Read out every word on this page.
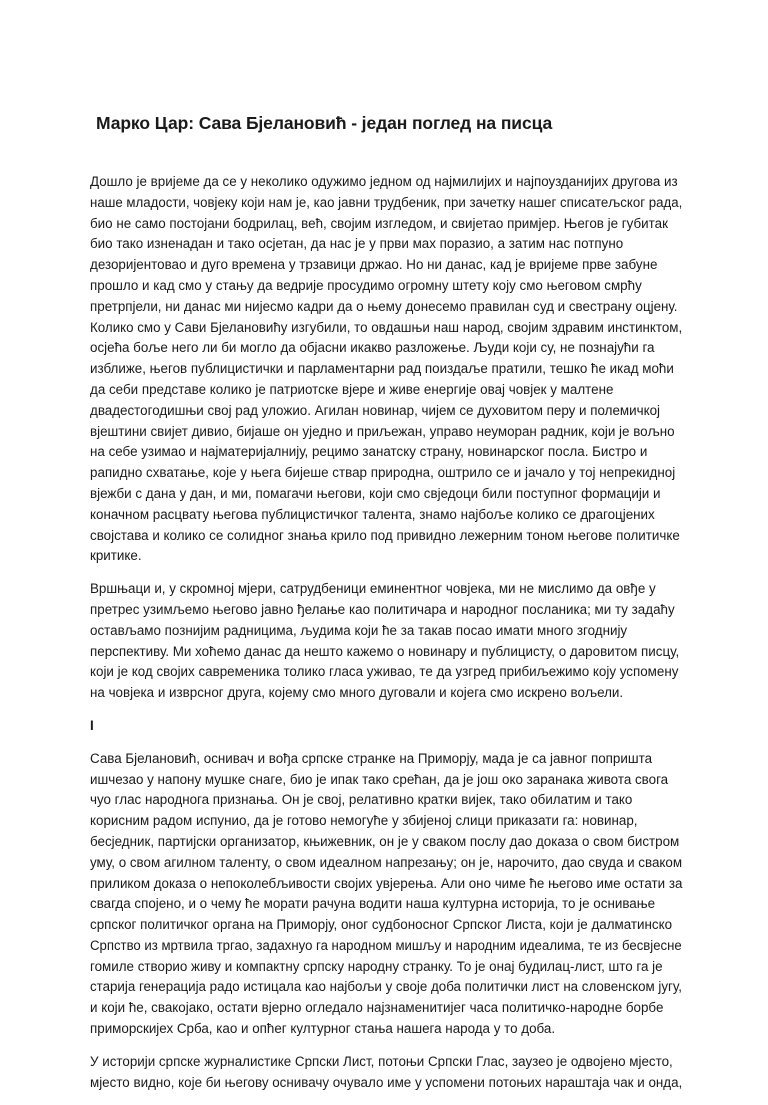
Марко Цар: Сава Бјелановић - један поглед на писца

Дошло је вријеме да се у неколико одужимо једном од најмилијих и најпоузданијих другова из
наше младости, човјеку који нам је, као јавни трудбеник, при зачетку нашег списатељског рада,
био не само постојани бодрилац, већ, својим изгледом, и свијетао примјер. Његов је губитак
био тако изненадан и тако осјетан, да нас је у први мах поразио, а затим нас потпуно
дезоријентовао и дуго времена у трзавици држао. Но ни данас, кад је вријеме прве забуне
прошло и кад смо у стању да ведрије просудимо огромну штету коју смо његовом смрћу
претрпјели, ни данас ми нијесмо кадри да о њему донесемо правилан суд и свестрану оцјену.
Колико смо у Сави Бјелановићу изгубили, то овдашњи наш народ, својим здравим инстинктом,
осјећа боље него ли би могло да објасни икакво разложење. Људи који су, не познајући га
изближе, његов публицистички и парламентарни рад поиздаље пратили, тешко ће икад моћи
да себи представе колико је патриотске вјере и живе енергије овај човјек у малтене
двадестогодишњи свој рад уложио. Агилан новинар, чијем се духовитом перу и полемичкој
вјештини свијет дивио, бијаше он уједно и приљежан, управо неуморан радник, који је вољно
на себе узимао и најматеријалнију, рецимо занатску страну, новинарског посла. Бистро и
рапидно схватање, које у њега бијеше ствар природна, оштрило се и јачало у тој непрекидној
вјежби с дана у дан, и ми, помагачи његови, који смо свједоци били поступног формацији и
коначном расцвату његова публицистичког талента, знамо најбоље колико се драгоцјених
својстава и колико се солидног знања крило под привидно лежерним тоном његове политичке
критике.

Вршњаци и, у скромној мјери, сатрудбеници еминентног човјека, ми не мислимо да овђе у
претрес узимљемо његово јавно ђелање као политичара и народног посланика; ми ту задаћу
остављамо познијим радницима, људима који ће за такав посао имати много згоднију
перспективу. Ми хоћемо данас да нешто кажемо о новинару и публицисту, о даровитом писцу,
који је код својих савременика толико гласа уживао, те да узгред прибиљежимо коју успомену
на човјека и изврсног друга, којему смо много дуговали и којега смо искрено вољели.

I

Сава Бјелановић, оснивач и вођа српске странке на Приморју, мада је са јавног попришта
ишчезао у напону мушке снаге, био је ипак тако срећан, да је још око заранака живота свога
чуо глас народнога признања. Он је свој, релативно кратки вијек, тако обилатим и тако
корисним радом испунио, да је готово немогуће у збијеној слици приказати га: новинар,
бесједник, партијски организатор, књижевник, он је у сваком послу дао доказа о свом бистром
уму, о свом агилном таленту, о свом идеалном напрезању; он је, нарочито, дао свуда и сваком
приликом доказа о непоколебљивости својих увјерења. Али оно чиме ће његово име остати за
свагда спојено, и о чему ће морати рачуна водити наша културна историја, то је оснивање
српског политичког органа на Приморју, оног судбоносног Српског Листа, који је далматинско
Српство из мртвила тргао, задахнуо га народном мишљу и народним идеалима, те из бесвјесне
гомиле створио живу и компактну српску народну странку. То је онај будилац-лист, што га је
старија генерација радо истицала као најбољи у своје доба политички лист на словенском југу,
и који ће, свакојако, остати вјерно огледало најзнаменитијег часа политичко-народне борбе
приморскијех Срба, као и опћег културног стања нашега народа у то доба.

У историји српске журналистике Српски Лист, потоњи Српски Глас, заузео је одвојено мјесто,
мјесто видно, које би његову оснивачу очувало име у успомени потоњих нараштаја чак и онда,
